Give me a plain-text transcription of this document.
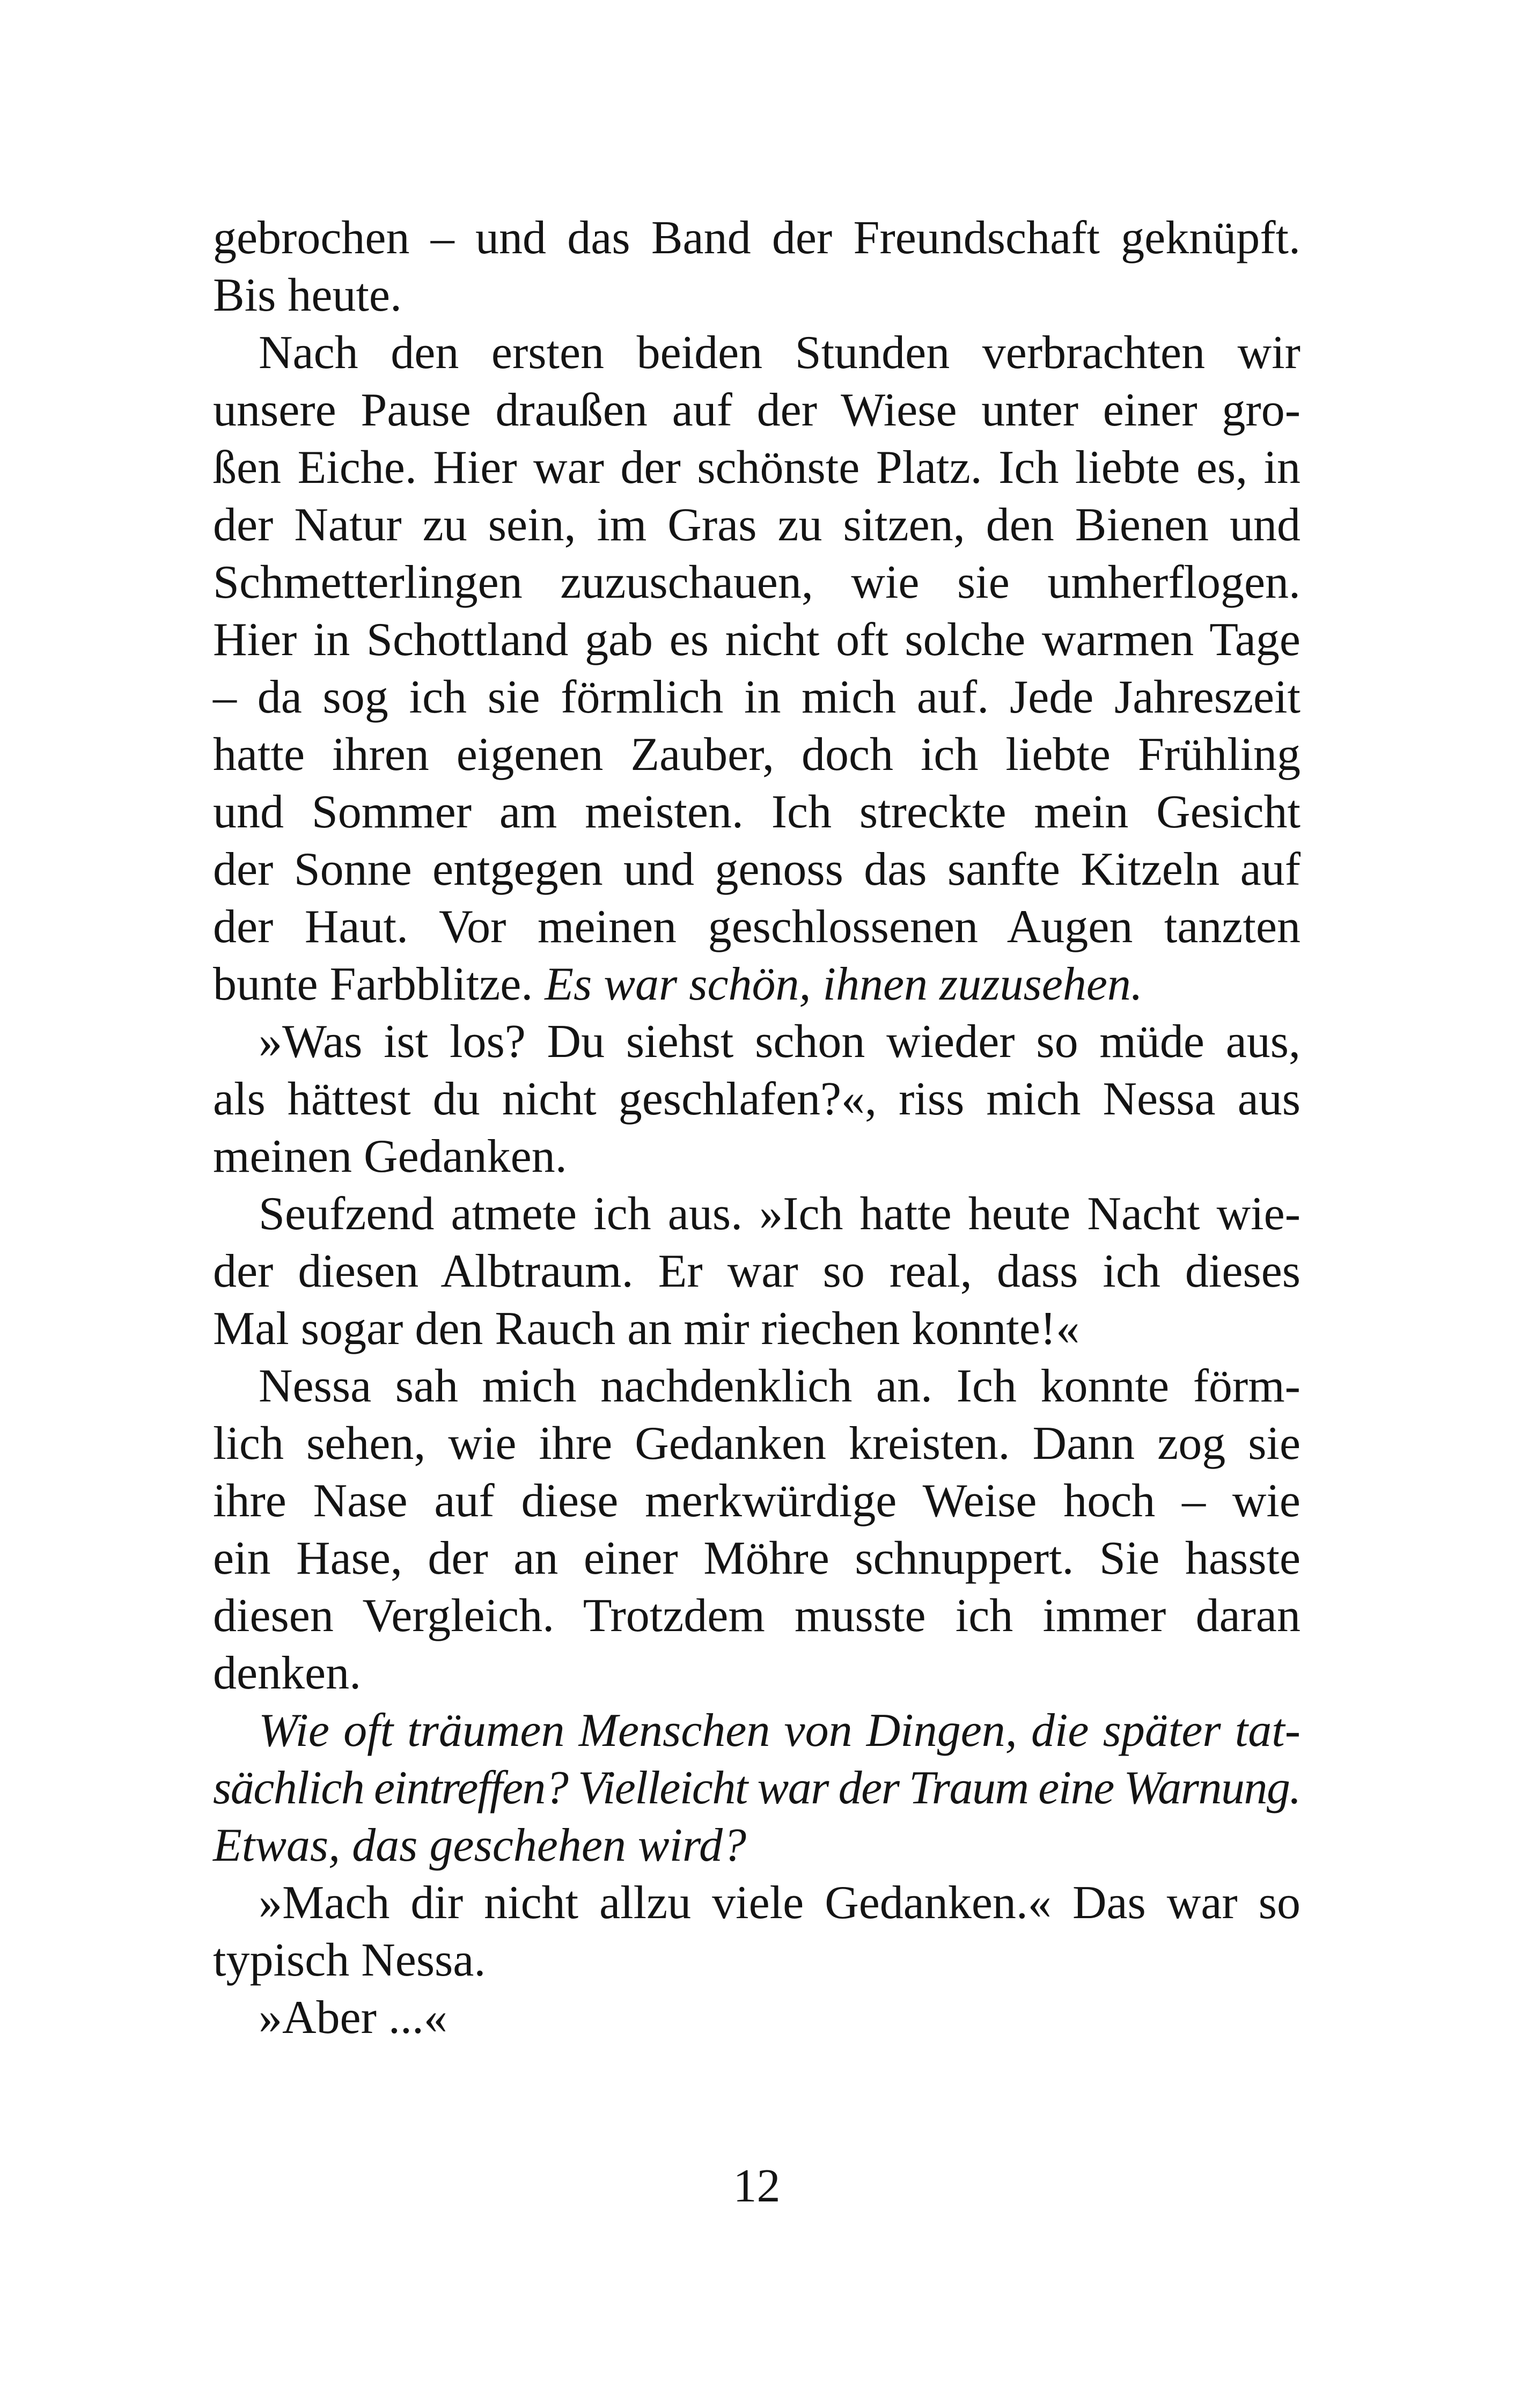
gebrochen – und das Band der Freundschaft geknüpft.
Bis heute.
Nach den ersten beiden Stunden verbrachten wir
unsere Pause draußen auf der Wiese unter einer gro-
ßen Eiche. Hier war der schönste Platz. Ich liebte es, in
der Natur zu sein, im Gras zu sitzen, den Bienen und
Schmetterlingen zuzuschauen, wie sie umherflogen.
Hier in Schottland gab es nicht oft solche warmen Tage
– da sog ich sie förmlich in mich auf. Jede Jahreszeit
hatte ihren eigenen Zauber, doch ich liebte Frühling
und Sommer am meisten. Ich streckte mein Gesicht
der Sonne entgegen und genoss das sanfte Kitzeln auf
der Haut. Vor meinen geschlossenen Augen tanzten
bunte Farbblitze. Es war schön, ihnen zuzusehen.
»Was ist los? Du siehst schon wieder so müde aus,
als hättest du nicht geschlafen?«, riss mich Nessa aus
meinen Gedanken.
Seufzend atmete ich aus. »Ich hatte heute Nacht wie-
der diesen Albtraum. Er war so real, dass ich dieses
Mal sogar den Rauch an mir riechen konnte!«
Nessa sah mich nachdenklich an. Ich konnte förm-
lich sehen, wie ihre Gedanken kreisten. Dann zog sie
ihre Nase auf diese merkwürdige Weise hoch – wie
ein Hase, der an einer Möhre schnuppert. Sie hasste
diesen Vergleich. Trotzdem musste ich immer daran
denken.
Wie oft träumen Menschen von Dingen, die später tat-
sächlich eintreffen? Vielleicht war der Traum eine Warnung.
Etwas, das geschehen wird?
»Mach dir nicht allzu viele Gedanken.« Das war so
typisch Nessa.
»Aber ...«
12
